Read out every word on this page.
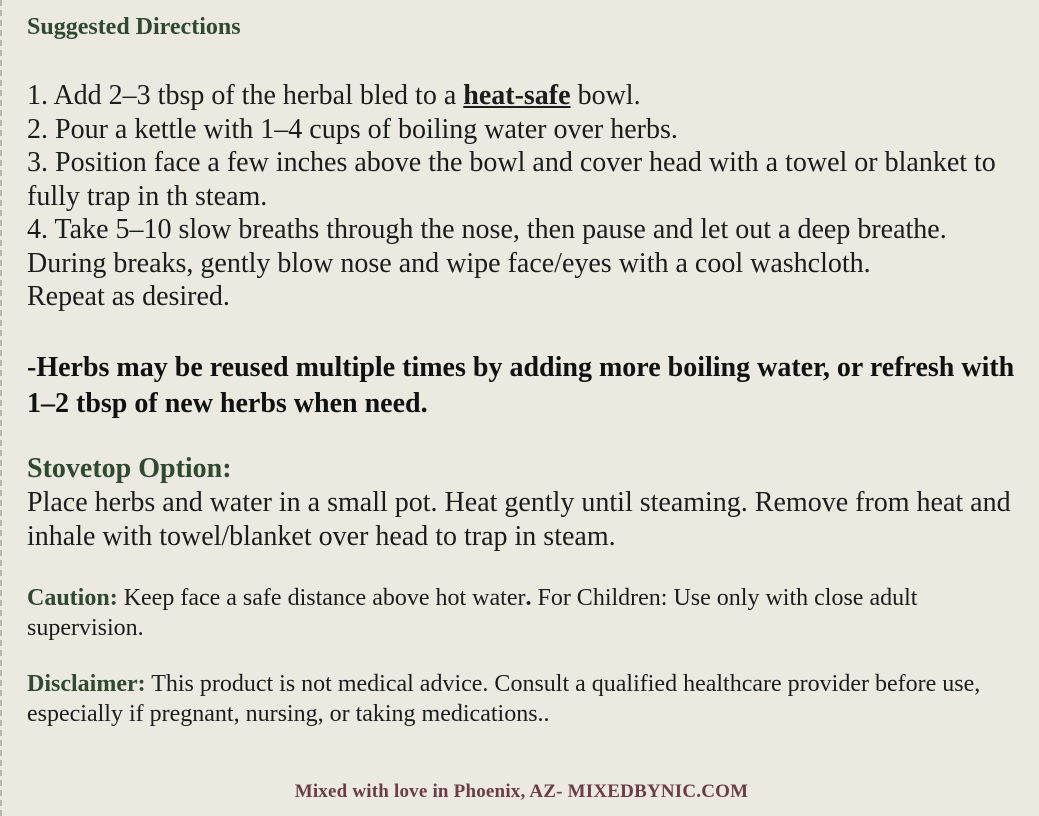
Suggested Directions

1. Add 2–3 tbsp of the herbal bled to a heat-safe bowl.

2. Pour a kettle with 1–4 cups of boiling water over herbs.

3. Position face a few inches above the bowl and cover head with a towel or blanket to fully trap in th steam.

4. Take 5–10 slow breaths through the nose, then pause and let out a deep breathe.

During breaks, gently blow nose and wipe face/eyes with a cool washcloth.

Repeat as desired.

-Herbs may be reused multiple times by adding more boiling water, or refresh with 1–2 tbsp of new herbs when need.
Stovetop Option:
Place herbs and water in a small pot. Heat gently until steaming. Remove from heat and inhale with towel/blanket over head to trap in steam.
Caution: Keep face a safe distance above hot water. For Children: Use only with close adult supervision.
Disclaimer: This product is not medical advice. Consult a qualified healthcare provider before use, especially if pregnant, nursing, or taking medications..
Mixed with love in Phoenix, AZ- MIXEDBYNIC.COM
